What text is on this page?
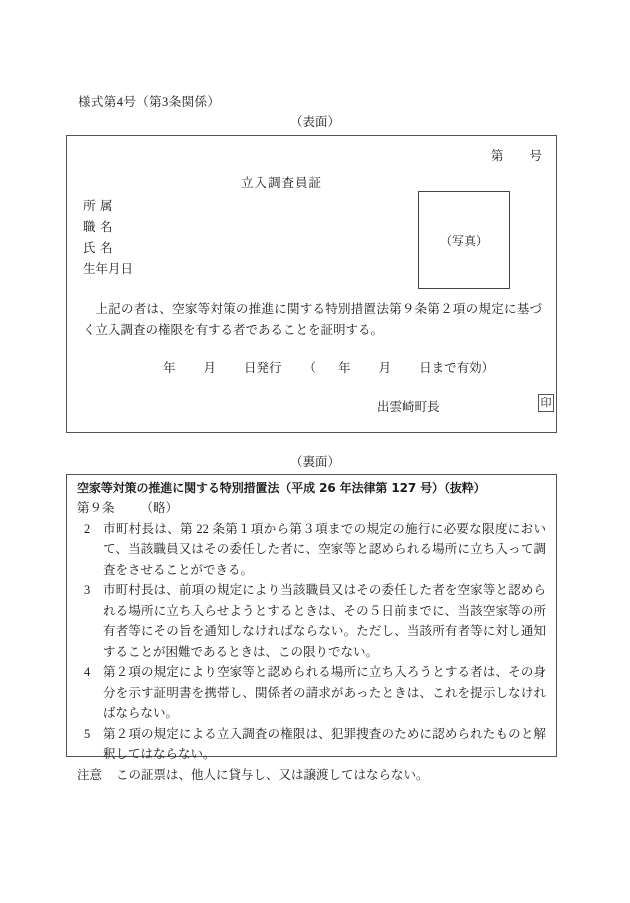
様式第4号（第3条関係）
（表面）
第 号
立入調査員証
所 属
職 名
氏 名
生年月日
（写真）
上記の者は、空家等対策の推進に関する特別措置法第９条第２項の規定に基づく立入調査の権限を有する者であることを証明する。
年 月 日発行 （ 年 月 日まで有効）
出雲崎町長	印
（裏面）
空家等対策の推進に関する特別措置法（平成 26 年法律第 127 号）（抜粋）
第９条 （略）
2 市町村長は、第 22 条第１項から第３項までの規定の施行に必要な限度において、当該職員又はその委任した者に、空家等と認められる場所に立ち入って調査をさせることができる。
3 市町村長は、前項の規定により当該職員又はその委任した者を空家等と認められる場所に立ち入らせようとするときは、その５日前までに、当該空家等の所有者等にその旨を通知しなければならない。ただし、当該所有者等に対し通知することが困難であるときは、この限りでない。
4 第２項の規定により空家等と認められる場所に立ち入ろうとする者は、その身分を示す証明書を携帯し、関係者の請求があったときは、これを提示しなければならない。
5 第２項の規定による立入調査の権限は、犯罪捜査のために認められたものと解釈してはならない。
注意 この証票は、他人に貸与し、又は譲渡してはならない。
